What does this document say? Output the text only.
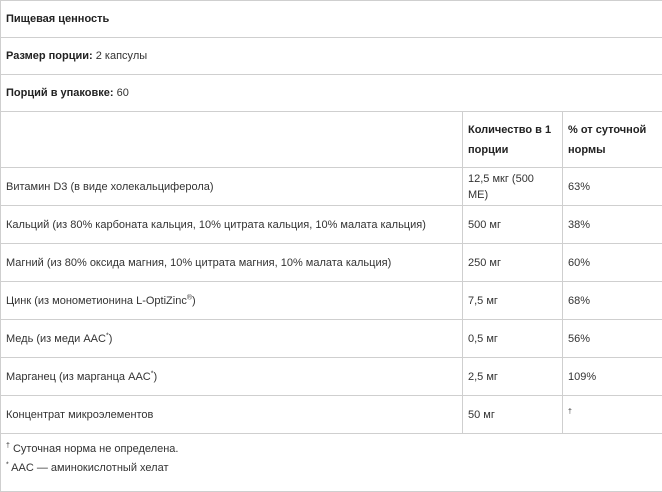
Пищевая ценность		
Размер порции: 2 капсулы		
Порций в упаковке: 60		
	Количество в 1 порции	% от суточной нормы
Витамин D3 (в виде холекальциферола)	12,5 мкг (500 МЕ)	63%
Кальций (из 80% карбоната кальция, 10% цитрата кальция, 10% малата кальция)	500 мг	38%
Магний (из 80% оксида магния, 10% цитрата магния, 10% малата кальция)	250 мг	60%
Цинк (из монометионина L-OptiZinc®)	7,5 мг	68%
Медь (из меди AAC*)	0,5 мг	56%
Марганец (из марганца AAC*)	2,5 мг	109%
Концентрат микроэлементов	50 мг	†

† Суточная норма не определена.
* AAC — аминокислотный хелат		
